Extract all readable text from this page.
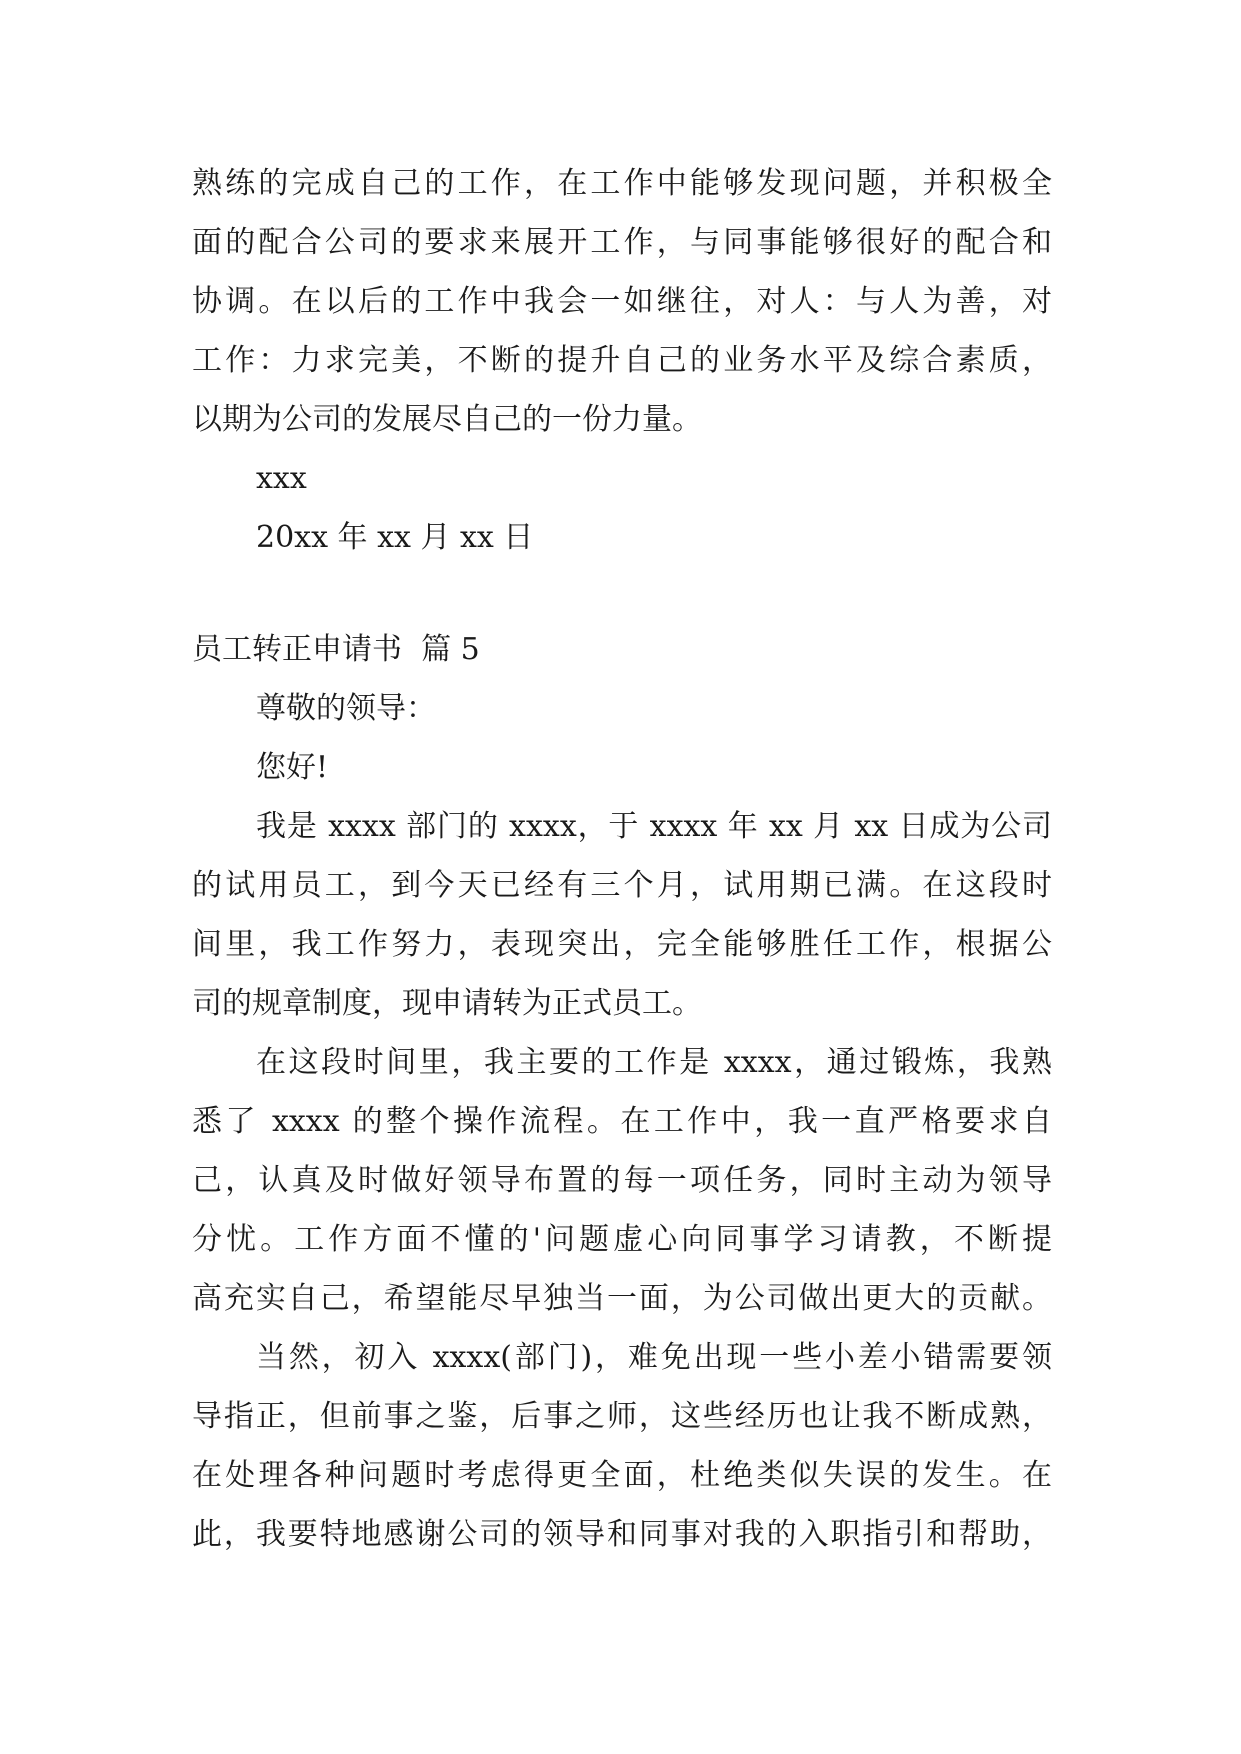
熟练的完成自己的工作，在工作中能够发现问题，并积极全
面的配合公司的要求来展开工作，与同事能够很好的配合和
协调。在以后的工作中我会一如继往，对人：与人为善，对
工作：力求完美，不断的提升自己的业务水平及综合素质，
以期为公司的发展尽自己的一份力量。
xxx
20xx 年 xx 月 xx 日
员工转正申请书  篇 5
尊敬的领导：
您好!
我是 xxxx 部门的 xxxx，于 xxxx 年 xx 月 xx 日成为公司
的试用员工，到今天已经有三个月，试用期已满。在这段时
间里，我工作努力，表现突出，完全能够胜任工作，根据公
司的规章制度，现申请转为正式员工。
在这段时间里，我主要的工作是 xxxx，通过锻炼，我熟
悉了 xxxx 的整个操作流程。在工作中，我一直严格要求自
己，认真及时做好领导布置的每一项任务，同时主动为领导
分忧。工作方面不懂的'问题虚心向同事学习请教，不断提
高充实自己，希望能尽早独当一面，为公司做出更大的贡献。
当然，初入 xxxx(部门)，难免出现一些小差小错需要领
导指正，但前事之鉴，后事之师，这些经历也让我不断成熟，
在处理各种问题时考虑得更全面，杜绝类似失误的发生。在
此，我要特地感谢公司的领导和同事对我的入职指引和帮助，
